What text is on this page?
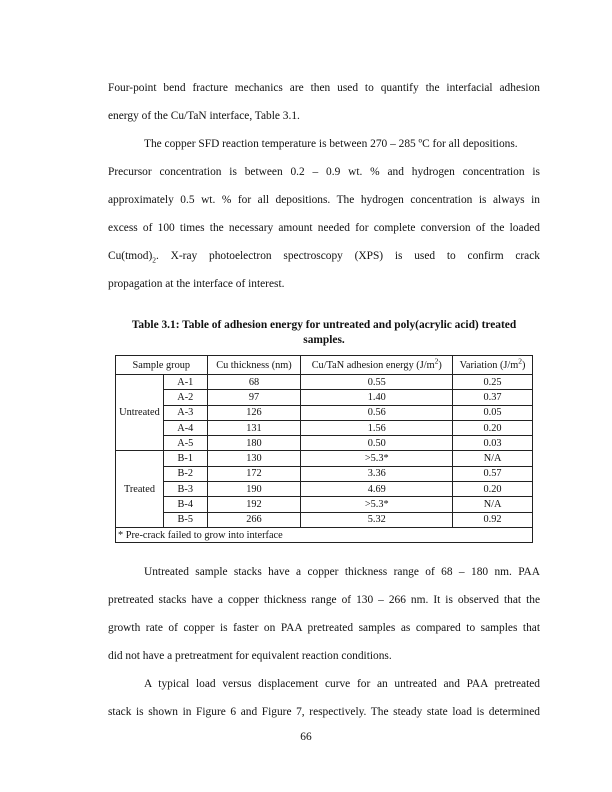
Four-point bend fracture mechanics are then used to quantify the interfacial adhesion
energy of the Cu/TaN interface, Table 3.1.
The copper SFD reaction temperature is between 270 – 285 ºC for all depositions.
Precursor concentration is between 0.2 – 0.9 wt. % and hydrogen concentration is
approximately 0.5 wt. % for all depositions. The hydrogen concentration is always in
excess of 100 times the necessary amount needed for complete conversion of the loaded
$Cu(tmod)_2$. X-ray photoelectron spectroscopy (XPS) is used to confirm crack
propagation at the interface of interest.
Table 3.1: Table of adhesion energy for untreated and poly(acrylic acid) treated
samples.
Sample group		Cu thickness (nm)	Cu/TaN adhesion energy $(J/m^2)$	Variation $(J/m^2)$
Untreated	A-1	68	0.55	0.25
	A-2	97	1.40	0.37
	A-3	126	0.56	0.05
	A-4	131	1.56	0.20
	A-5	180	0.50	0.03
Treated	B-1	130	>5.3*	N/A
	B-2	172	3.36	0.57
	B-3	190	4.69	0.20
	B-4	192	>5.3*	N/A
	B-5	266	5.32	0.92
* Pre-crack failed to grow into interface				
Untreated sample stacks have a copper thickness range of 68 – 180 nm. PAA
pretreated stacks have a copper thickness range of 130 – 266 nm. It is observed that the
growth rate of copper is faster on PAA pretreated samples as compared to samples that
did not have a pretreatment for equivalent reaction conditions.
A typical load versus displacement curve for an untreated and PAA pretreated
stack is shown in Figure 6 and Figure 7, respectively. The steady state load is determined
66
